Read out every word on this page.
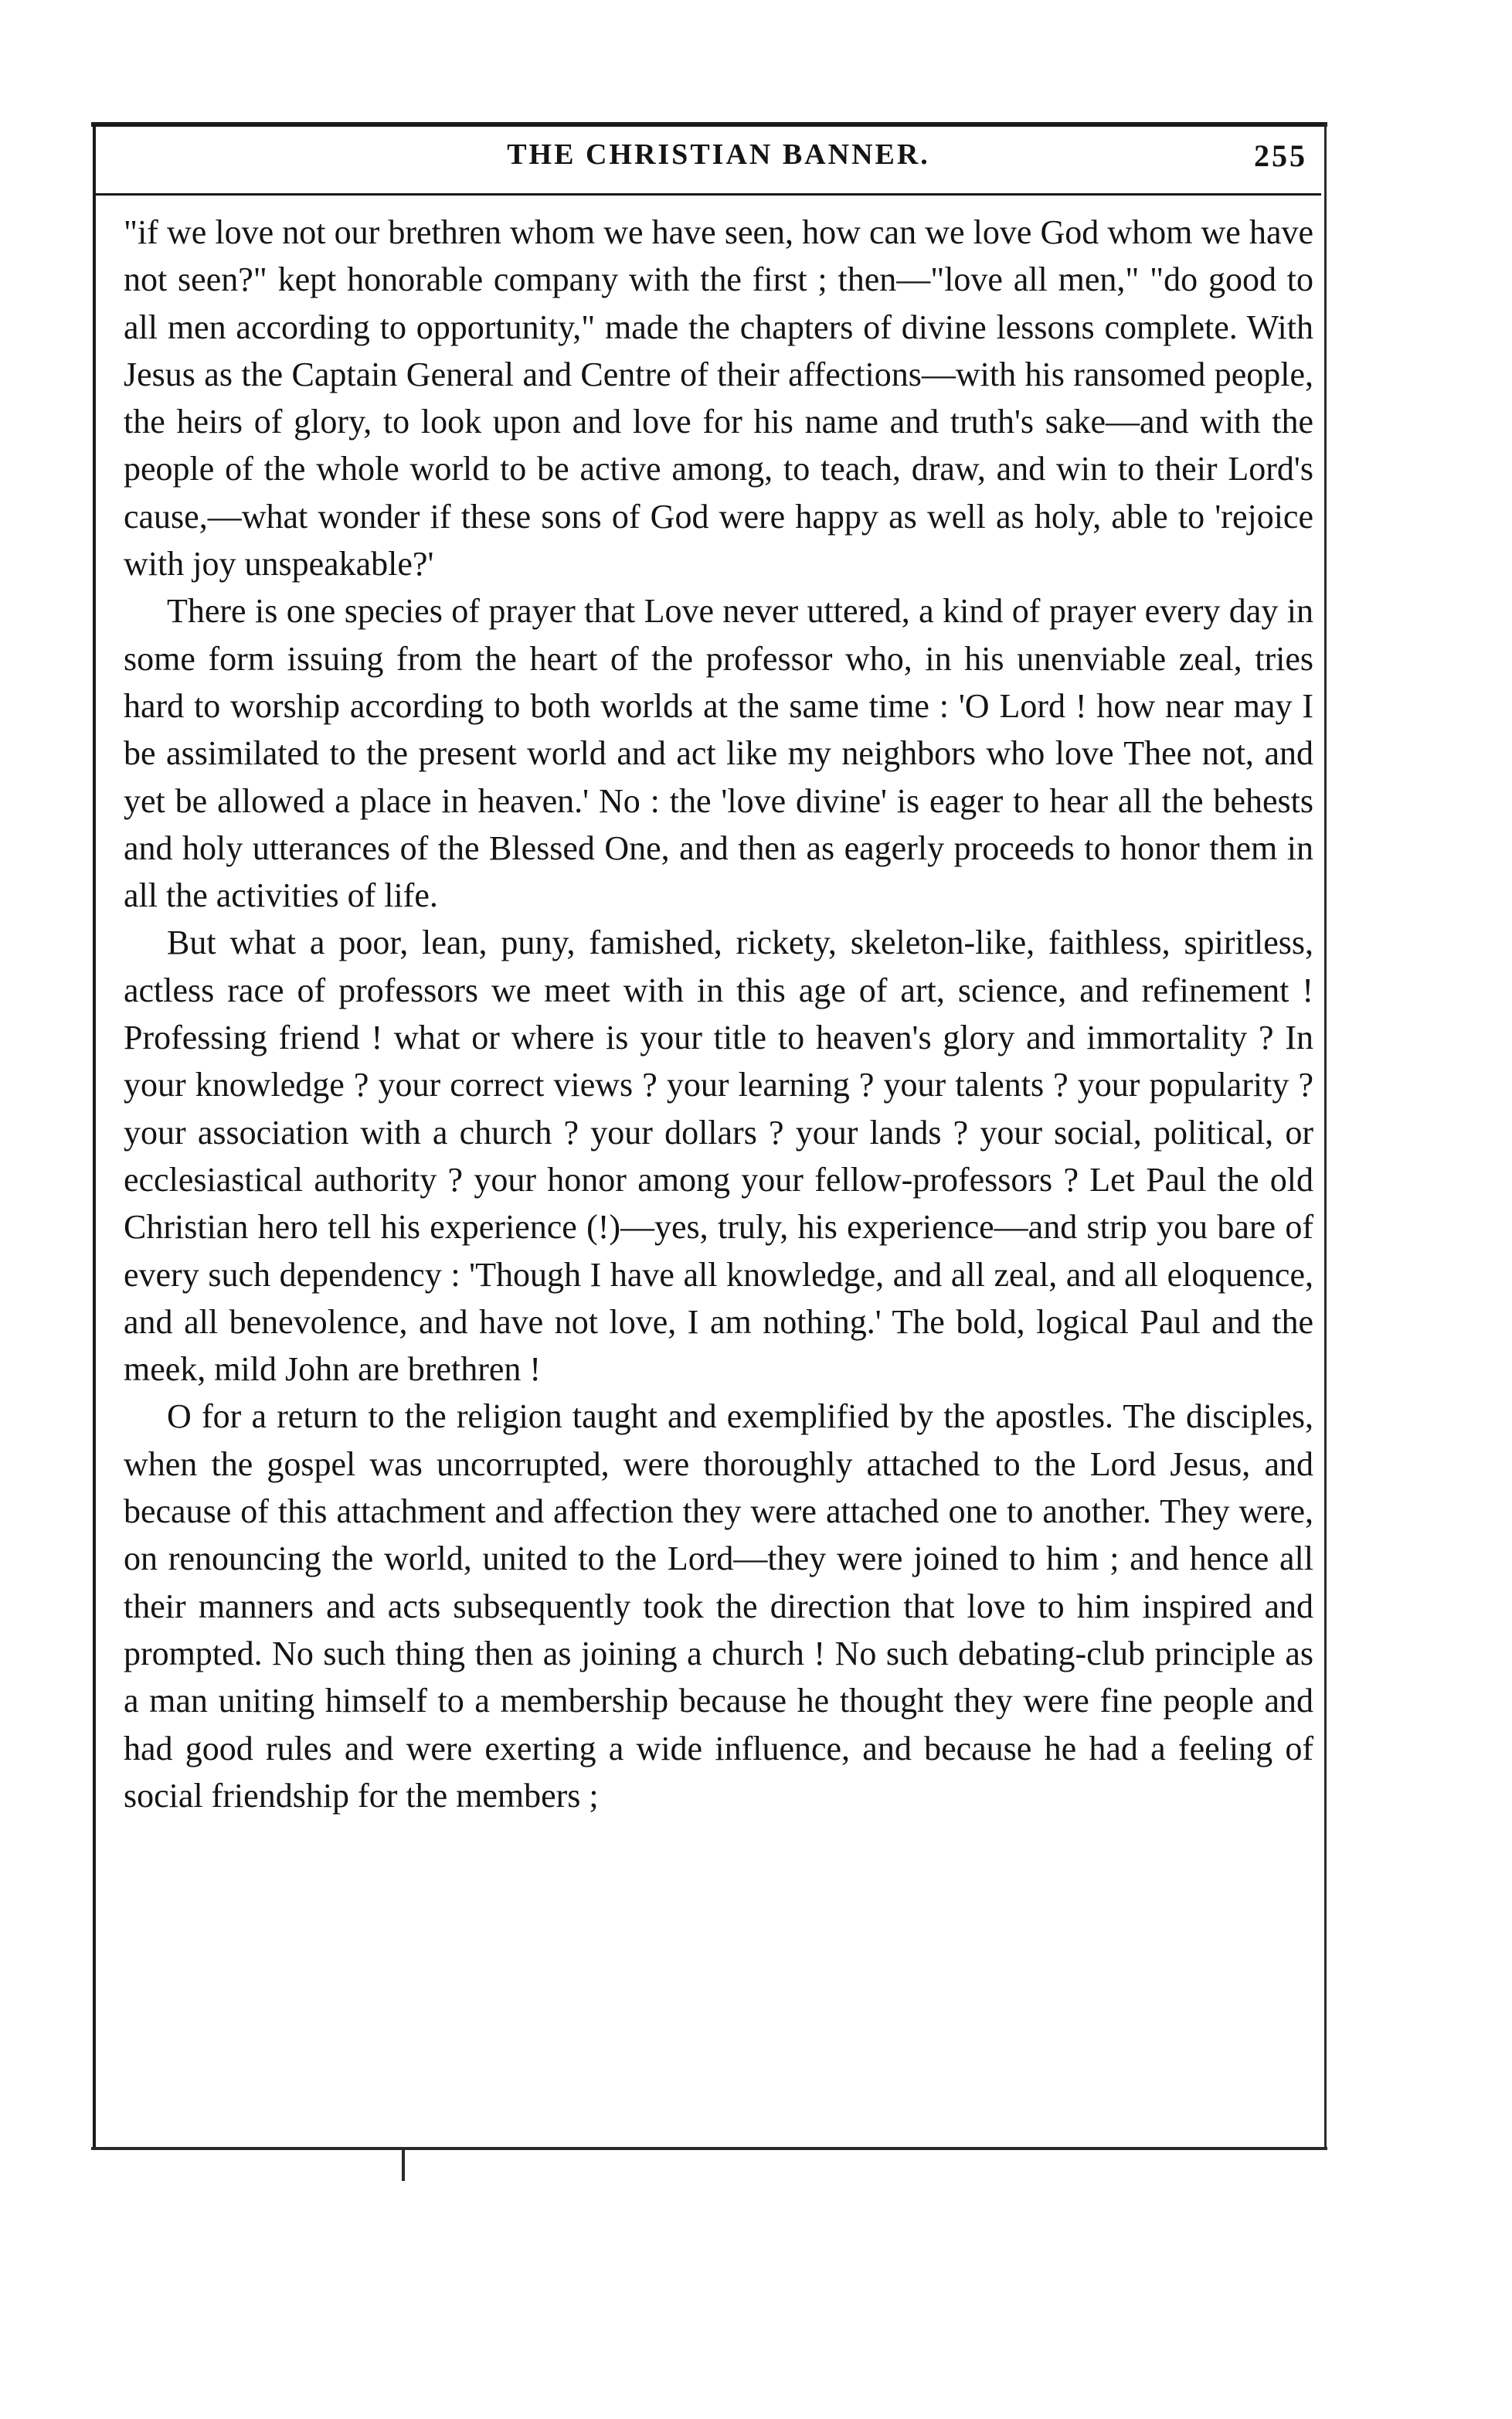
THE CHRISTIAN BANNER.	255

"if we love not our brethren whom we have seen, how can we love God whom we have not seen?" kept honorable company with the first ; then—"love all men," "do good to all men according to opportunity," made the chapters of divine lessons complete. With Jesus as the Captain General and Centre of their affections—with his ransomed people, the heirs of glory, to look upon and love for his name and truth's sake—and with the people of the whole world to be active among, to teach, draw, and win to their Lord's cause,—what wonder if these sons of God were happy as well as holy, able to 'rejoice with joy unspeakable?'

There is one species of prayer that Love never uttered, a kind of prayer every day in some form issuing from the heart of the professor who, in his unenviable zeal, tries hard to worship according to both worlds at the same time : 'O Lord ! how near may I be assimilated to the present world and act like my neighbors who love Thee not, and yet be allowed a place in heaven.' No : the 'love divine' is eager to hear all the behests and holy utterances of the Blessed One, and then as eagerly proceeds to honor them in all the activities of life.

But what a poor, lean, puny, famished, rickety, skeleton-like, faithless, spiritless, actless race of professors we meet with in this age of art, science, and refinement ! Professing friend ! what or where is your title to heaven's glory and immortality ? In your knowledge ? your correct views ? your learning ? your talents ? your popularity ? your association with a church ? your dollars ? your lands ? your social, political, or ecclesiastical authority ? your honor among your fellow-professors ? Let Paul the old Christian hero tell his experience (!)—yes, truly, his experience—and strip you bare of every such dependency : 'Though I have all knowledge, and all zeal, and all eloquence, and all benevolence, and have not love, I am nothing.' The bold, logical Paul and the meek, mild John are brethren !

O for a return to the religion taught and exemplified by the apostles. The disciples, when the gospel was uncorrupted, were thoroughly attached to the Lord Jesus, and because of this attachment and affection they were attached one to another. They were, on renouncing the world, united to the Lord—they were joined to him ; and hence all their manners and acts subsequently took the direction that love to him inspired and prompted. No such thing then as joining a church ! No such debating-club principle as a man uniting himself to a membership because he thought they were fine people and had good rules and were exerting a wide influence, and because he had a feeling of social friendship for the members ;
